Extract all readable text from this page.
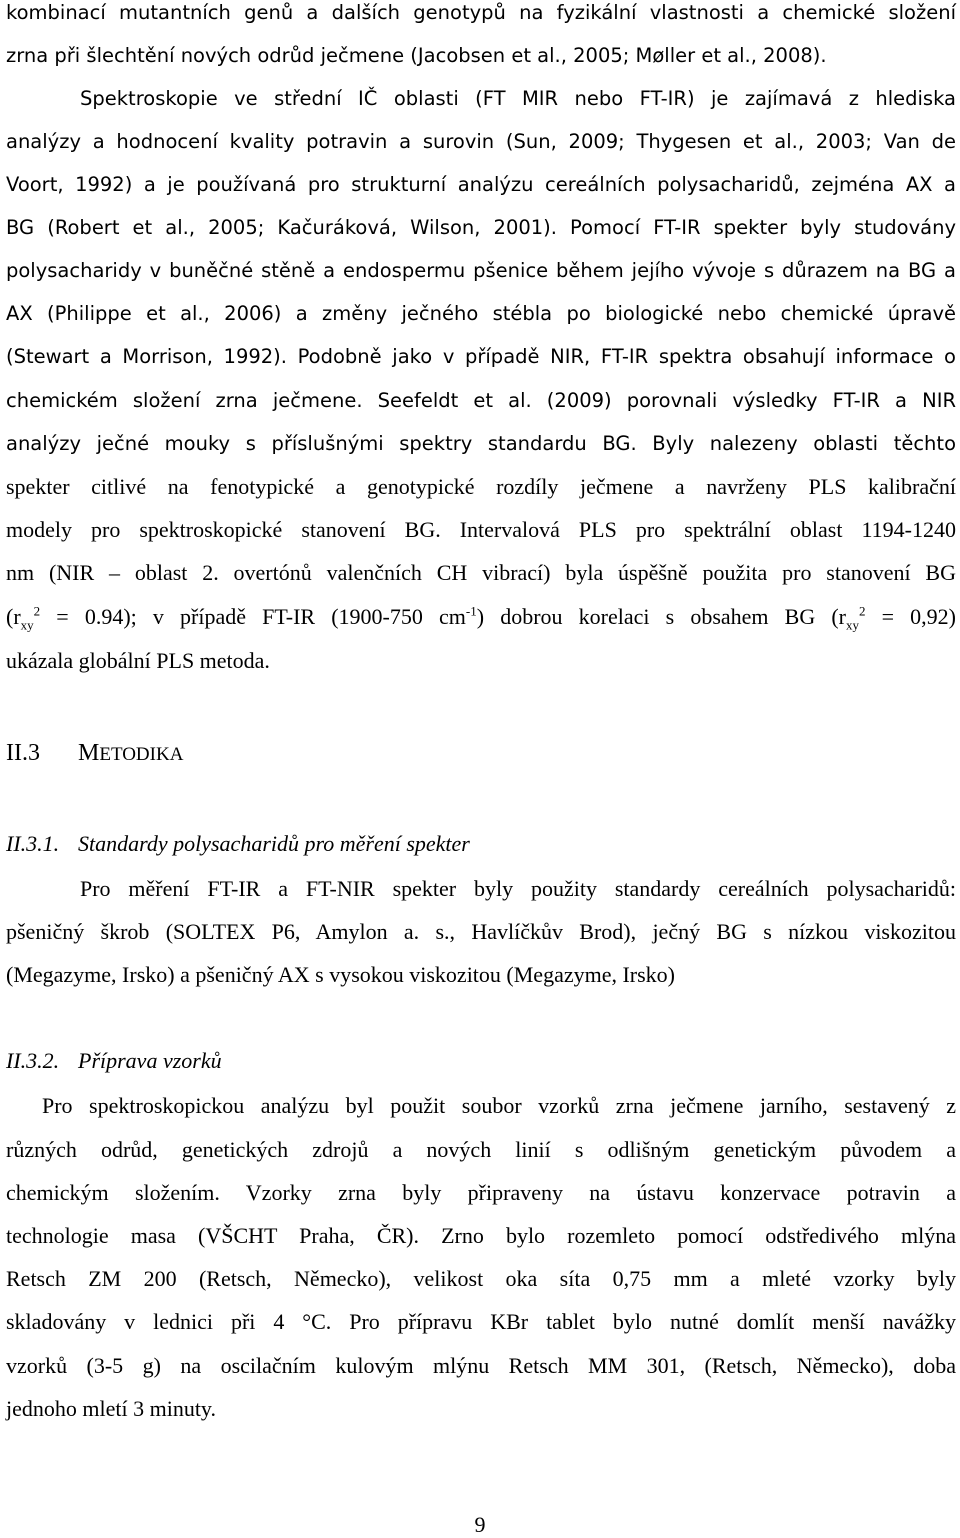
kombinací mutantních genů a dalších genotypů na fyzikální vlastnosti a chemické složení
zrna při šlechtění nových odrůd ječmene (Jacobsen et al., 2005; Møller et al., 2008).
Spektroskopie ve střední IČ oblasti (FT MIR nebo FT-IR) je zajímavá z hlediska
analýzy a hodnocení kvality potravin a surovin (Sun, 2009; Thygesen et al., 2003; Van de
Voort, 1992) a je používaná pro strukturní analýzu cereálních polysacharidů, zejména AX a
BG (Robert et al., 2005; Kačuráková, Wilson, 2001). Pomocí FT-IR spekter byly studovány
polysacharidy v buněčné stěně a endospermu pšenice během jejího vývoje s důrazem na BG a
AX (Philippe et al., 2006) a změny ječného stébla po biologické nebo chemické úpravě
(Stewart a Morrison, 1992). Podobně jako v případě NIR, FT-IR spektra obsahují informace o
chemickém složení zrna ječmene. Seefeldt et al. (2009) porovnali výsledky FT-IR a NIR
analýzy ječné mouky s příslušnými spektry standardu BG. Byly nalezeny oblasti těchto
spekter citlivé na fenotypické a genotypické rozdíly ječmene a navrženy PLS kalibrační
modely pro spektroskopické stanovení BG. Intervalová PLS pro spektrální oblast 1194-1240
nm (NIR – oblast 2. overtónů valenčních CH vibrací) byla úspěšně použita pro stanovení BG
$(r_{xy}^2 = 0.94)$; v případě FT-IR (1900-750 $cm^{-1}$) dobrou korelaci s obsahem BG $(r_{xy}^2 = 0,92)$
ukázala globální PLS metoda.
II.3 METODIKA
II.3.1. Standardy polysacharidů pro měření spekter
Pro měření FT-IR a FT-NIR spekter byly použity standardy cereálních polysacharidů:
pšeničný škrob (SOLTEX P6, Amylon a. s., Havlíčkův Brod), ječný BG s nízkou viskozitou
(Megazyme, Irsko) a pšeničný AX s vysokou viskozitou (Megazyme, Irsko)
II.3.2. Příprava vzorků
Pro spektroskopickou analýzu byl použit soubor vzorků zrna ječmene jarního, sestavený z
různých odrůd, genetických zdrojů a nových linií s odlišným genetickým původem a
chemickým složením. Vzorky zrna byly připraveny na ústavu konzervace potravin a
technologie masa (VŠCHT Praha, ČR). Zrno bylo rozemleto pomocí odstředivého mlýna
Retsch ZM 200 (Retsch, Německo), velikost oka síta 0,75 mm a mleté vzorky byly
skladovány v lednici při 4 °C. Pro přípravu KBr tablet bylo nutné domlít menší navážky
vzorků (3-5 g) na oscilačním kulovým mlýnu Retsch MM 301, (Retsch, Německo), doba
jednoho mletí 3 minuty.
9
